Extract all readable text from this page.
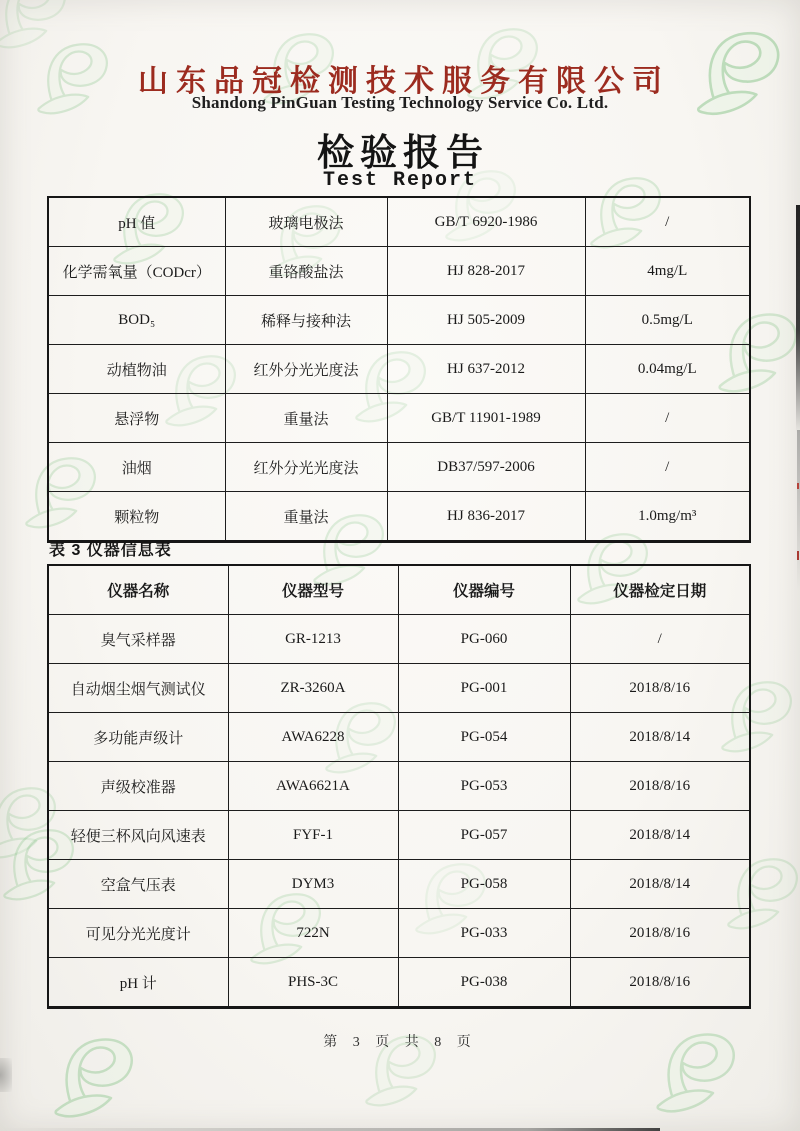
山东品冠检测技术服务有限公司
Shandong PinGuan Testing Technology Service Co. Ltd.
检验报告
Test Report
pH 值	玻璃电极法	GB/T 6920-1986	/
化学需氧量（CODcr）	重铬酸盐法	HJ 828-2017	4mg/L
BOD₅	稀释与接种法	HJ 505-2009	0.5mg/L
动植物油	红外分光光度法	HJ 637-2012	0.04mg/L
悬浮物	重量法	GB/T 11901-1989	/
油烟	红外分光光度法	DB37/597-2006	/
颗粒物	重量法	HJ 836-2017	1.0mg/m³
表 3 仪器信息表
仪器名称	仪器型号	仪器编号	仪器检定日期
臭气采样器	GR-1213	PG-060	/
自动烟尘烟气测试仪	ZR-3260A	PG-001	2018/8/16
多功能声级计	AWA6228	PG-054	2018/8/14
声级校准器	AWA6621A	PG-053	2018/8/16
轻便三杯风向风速表	FYF-1	PG-057	2018/8/14
空盒气压表	DYM3	PG-058	2018/8/14
可见分光光度计	722N	PG-033	2018/8/16
pH 计	PHS-3C	PG-038	2018/8/16
第 3 页 共 8 页
